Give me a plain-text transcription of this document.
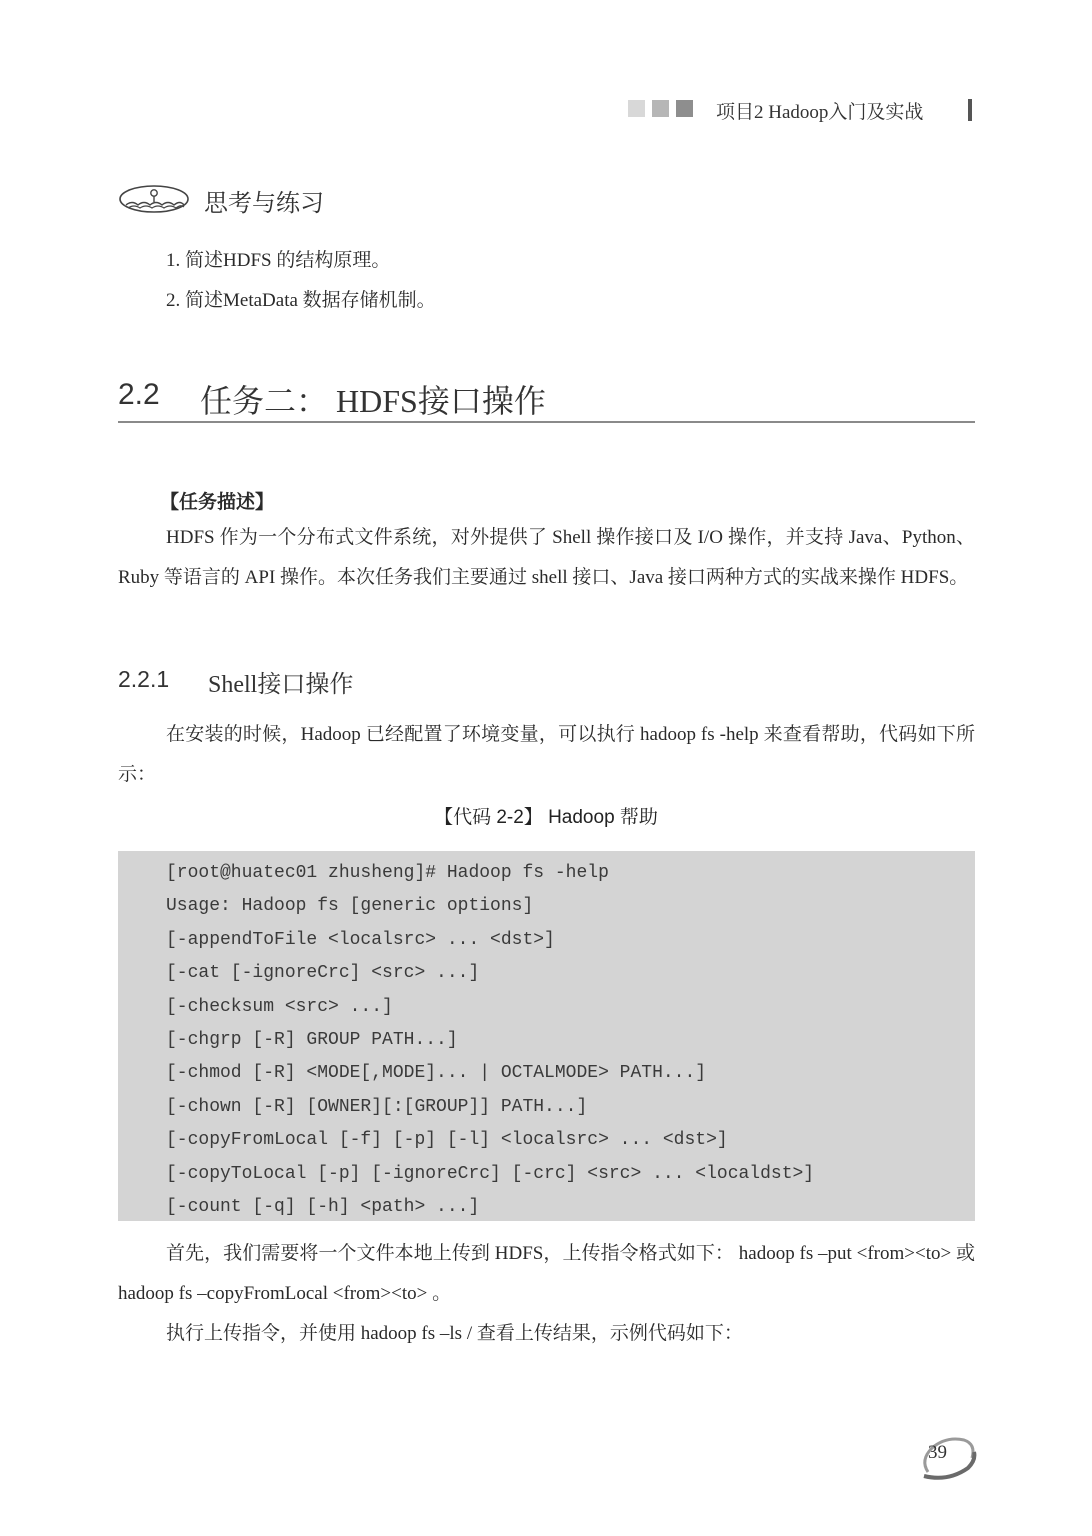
项目2 Hadoop入门及实战
思考与练习
1. 简述HDFS 的结构原理。
2. 简述MetaData 数据存储机制。
2.2 任务二： HDFS接口操作
【任务描述】

HDFS 作为一个分布式文件系统，对外提供了 Shell 操作接口及 I/O 操作，并支持 Java、Python、Ruby 等语言的 API 操作。本次任务我们主要通过 shell 接口、Java 接口两种方式的实战来操作 HDFS。

2.2.1 Shell接口操作

在安装的时候，Hadoop 已经配置了环境变量，可以执行 hadoop fs -help 来查看帮助，代码如下所示：

【代码 2-2】 Hadoop 帮助
[root@huatec01 zhusheng]# Hadoop fs -help
Usage: Hadoop fs [generic options]
[-appendToFile <localsrc> ... <dst>]
[-cat [-ignoreCrc] <src> ...]
[-checksum <src> ...]
[-chgrp [-R] GROUP PATH...]
[-chmod [-R] <MODE[,MODE]... | OCTALMODE> PATH...]
[-chown [-R] [OWNER][:[GROUP]] PATH...]
[-copyFromLocal [-f] [-p] [-l] <localsrc> ... <dst>]
[-copyToLocal [-p] [-ignoreCrc] [-crc] <src> ... <localdst>]
[-count [-q] [-h] <path> ...]

首先，我们需要将一个文件本地上传到 HDFS，上传指令格式如下： hadoop fs –put <from><to> 或 hadoop fs –copyFromLocal <from><to> 。

执行上传指令，并使用 hadoop fs –ls / 查看上传结果，示例代码如下：

39
